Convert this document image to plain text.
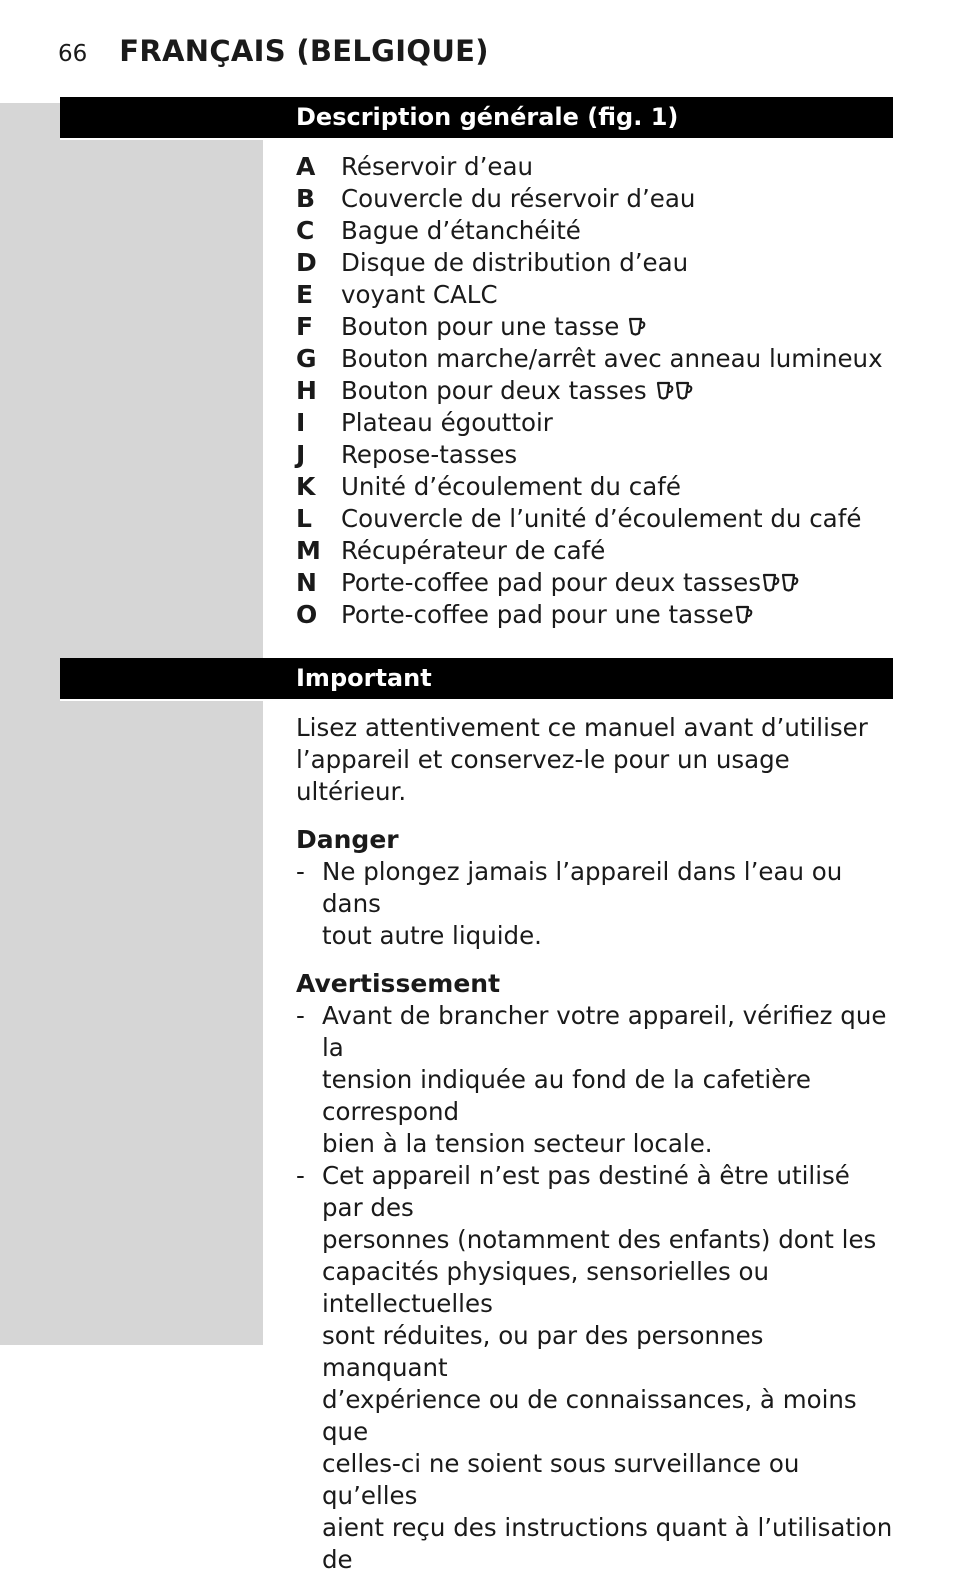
66 FRANÇAIS (BELGIQUE)
Description générale (fig. 1)
A	Réservoir d’eau
B	Couvercle du réservoir d’eau
C	Bague d’étanchéité
D Disque de distribution d’eau
E	voyant CALC
F	Bouton pour une tasse
G Bouton marche/arrêt avec anneau lumineux
H Bouton pour deux tasses
I	Plateau égouttoir
J	Repose-tasses
K	Unité d’écoulement du café
L	Couvercle de l’unité d’écoulement du café
M Récupérateur de café
N Porte-coffee pad pour deux tasses
O Porte-coffee pad pour une tasse
Important
Lisez attentivement ce manuel avant d’utiliser
l’appareil et conservez-le pour un usage ultérieur.
Danger
- Ne plongez jamais l’appareil dans l’eau ou dans
tout autre liquide.
Avertissement
- Avant de brancher votre appareil, vérifiez que la
tension indiquée au fond de la cafetière correspond
bien à la tension secteur locale.
- Cet appareil n’est pas destiné à être utilisé par des
personnes (notamment des enfants) dont les
capacités physiques, sensorielles ou intellectuelles
sont réduites, ou par des personnes manquant
d’expérience ou de connaissances, à moins que
celles-ci ne soient sous surveillance ou qu’elles
aient reçu des instructions quant à l’utilisation de
